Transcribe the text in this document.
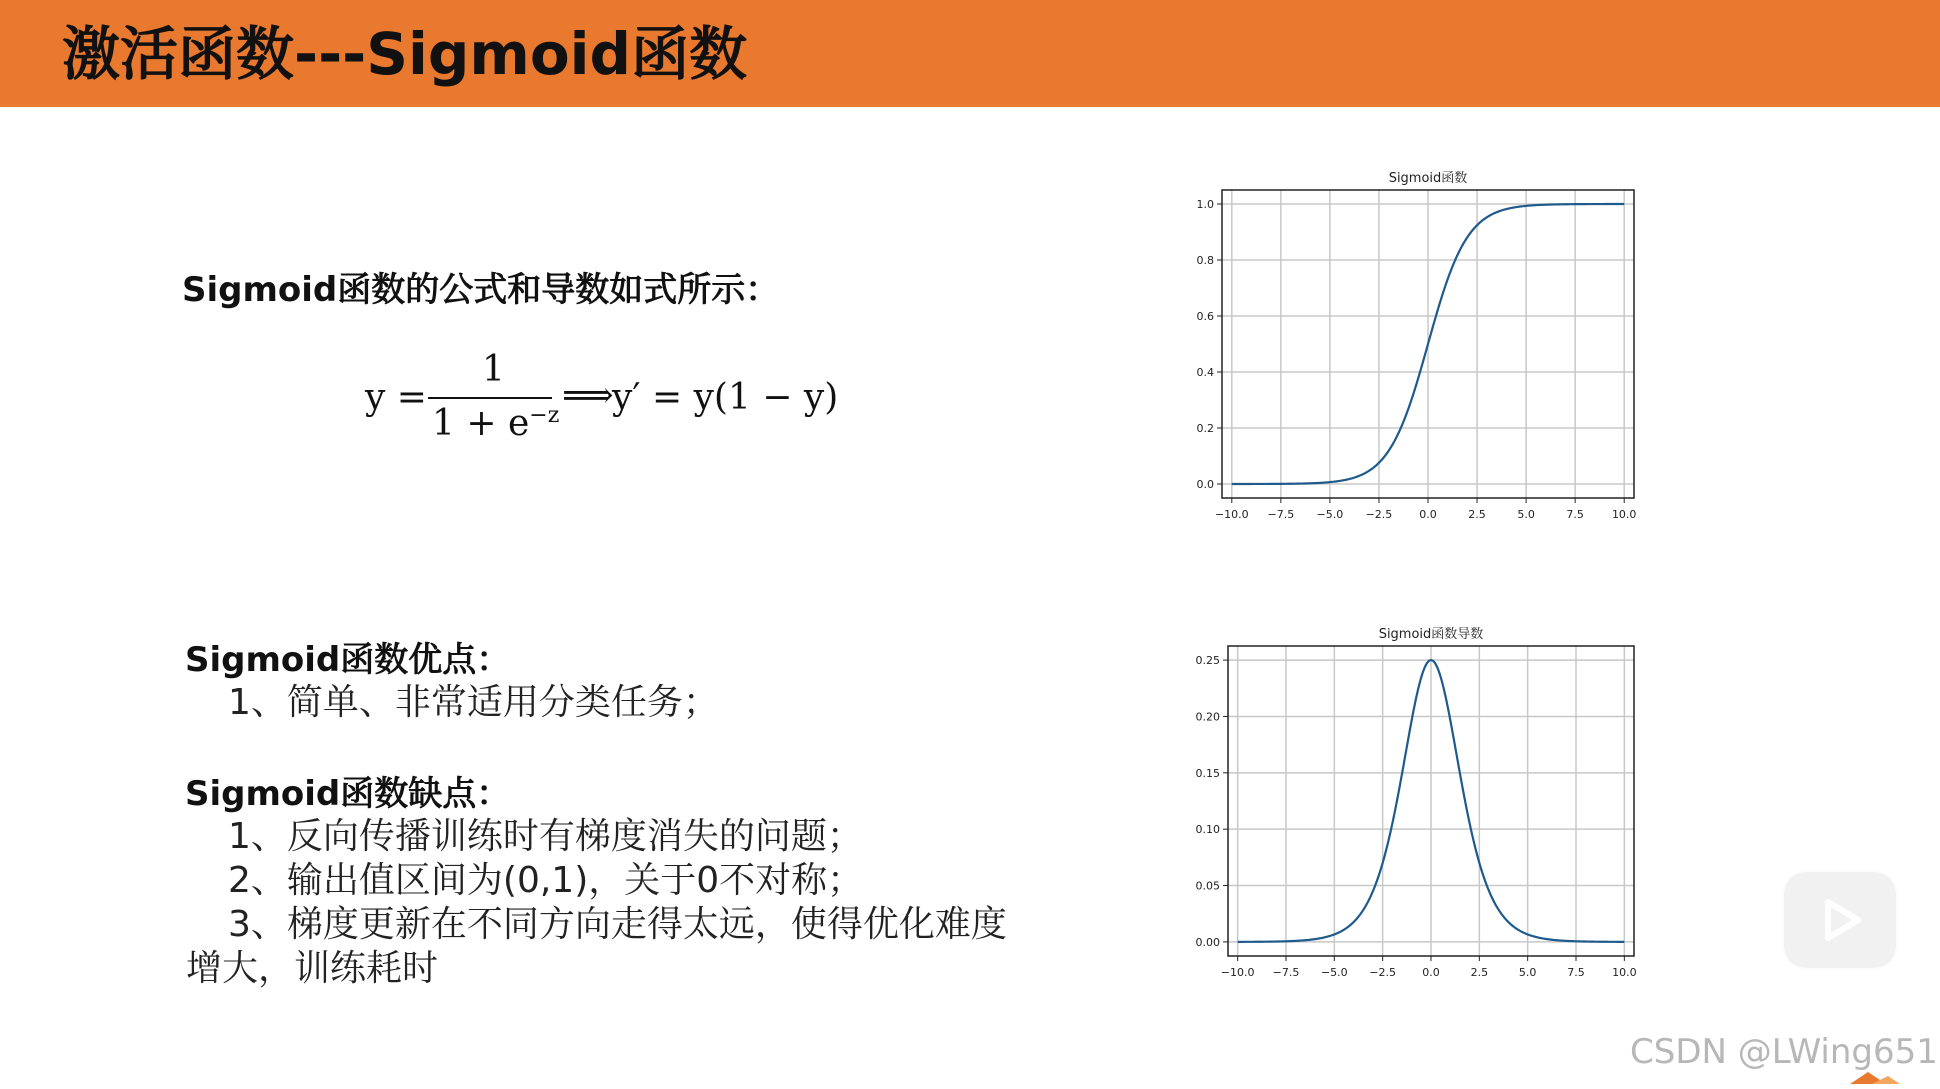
激活函数---Sigmoid函数
Sigmoid函数的公式和导数如式所示：
y =
1
$1 + e^{-z}$ ⟹
y′ = y(1 − y)
Sigmoid函数优点：
1、简单、非常适用分类任务；
Sigmoid函数缺点：
1、反向传播训练时有梯度消失的问题；
2、输出值区间为(0,1)，关于0不对称；
3、梯度更新在不同方向走得太远，使得优化难度
增大，训练耗时
Sigmoid函数
−10.0 −7.5 −5.0 −2.5 0.0	2.5	5.0	7.5	10.0
0.0
0.2
0.4
0.6
0.8
1.0
Sigmoid函数导数
−10.0 −7.5 −5.0 −2.5 0.0	2.5	5.0	7.5 10.0
0.00
0.05
0.10
0.15
0.20
0.25
CSDN @LWing651
